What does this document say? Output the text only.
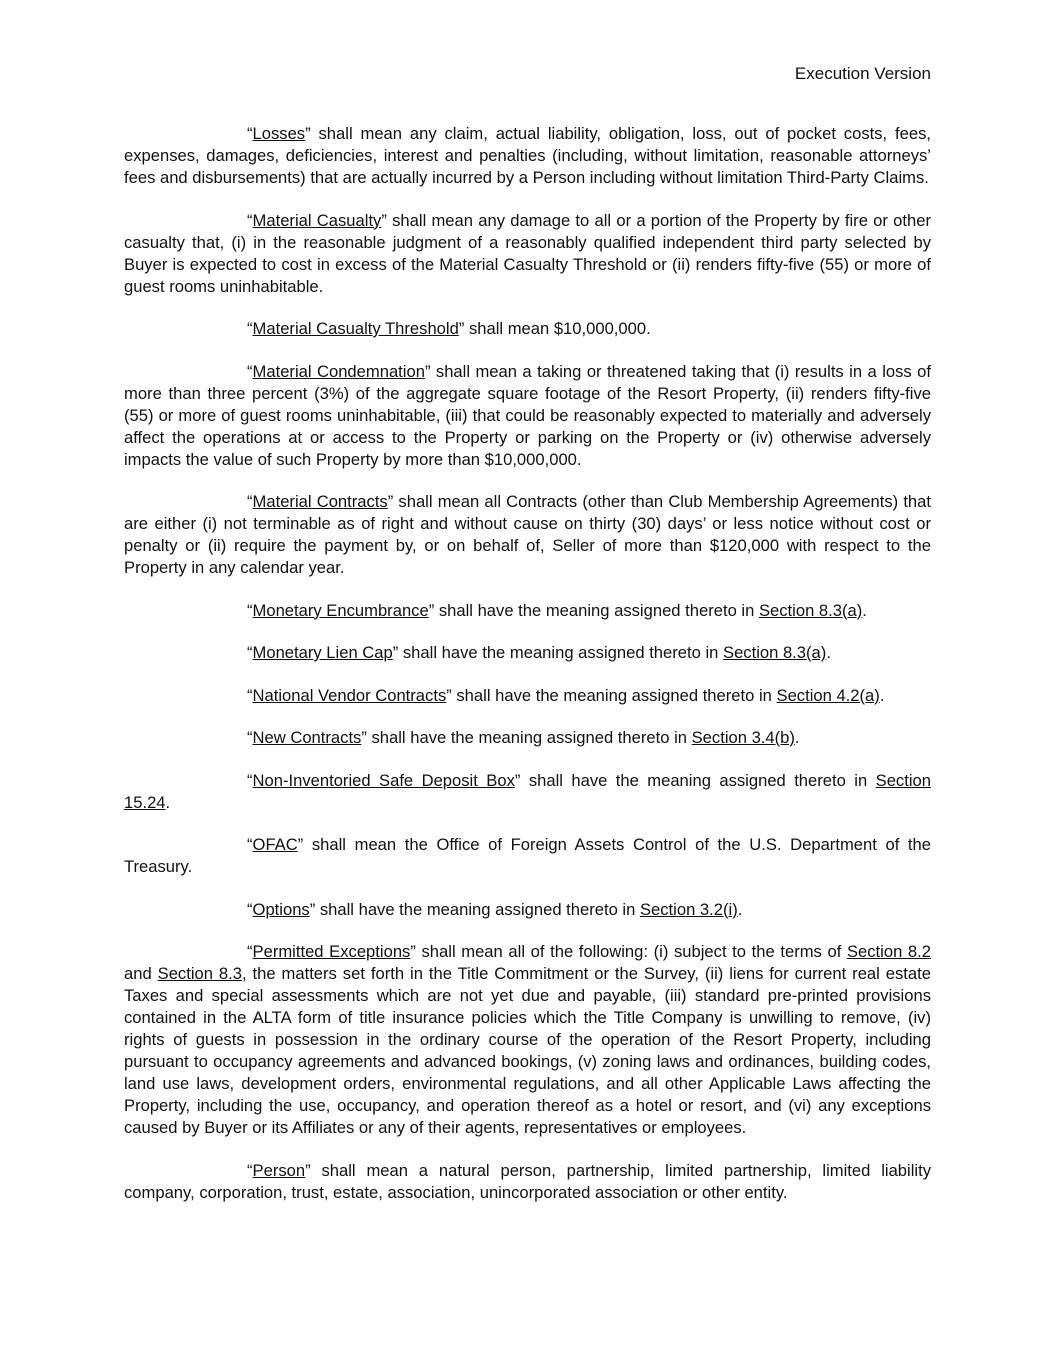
Execution Version

“Losses” shall mean any claim, actual liability, obligation, loss, out of pocket costs, fees, expenses, damages, deficiencies, interest and penalties (including, without limitation, reasonable attorneys’ fees and disbursements) that are actually incurred by a Person including without limitation Third-Party Claims.

“Material Casualty” shall mean any damage to all or a portion of the Property by fire or other casualty that, (i) in the reasonable judgment of a reasonably qualified independent third party selected by Buyer is expected to cost in excess of the Material Casualty Threshold or (ii) renders fifty-five (55) or more of guest rooms uninhabitable.

“Material Casualty Threshold” shall mean $10,000,000.

“Material Condemnation” shall mean a taking or threatened taking that (i) results in a loss of more than three percent (3%) of the aggregate square footage of the Resort Property, (ii) renders fifty-five (55) or more of guest rooms uninhabitable, (iii) that could be reasonably expected to materially and adversely affect the operations at or access to the Property or parking on the Property or (iv) otherwise adversely impacts the value of such Property by more than $10,000,000.

“Material Contracts” shall mean all Contracts (other than Club Membership Agreements) that are either (i) not terminable as of right and without cause on thirty (30) days’ or less notice without cost or penalty or (ii) require the payment by, or on behalf of, Seller of more than $120,000 with respect to the Property in any calendar year.

“Monetary Encumbrance” shall have the meaning assigned thereto in Section 8.3(a).

“Monetary Lien Cap” shall have the meaning assigned thereto in Section 8.3(a).

“National Vendor Contracts” shall have the meaning assigned thereto in Section 4.2(a).

“New Contracts” shall have the meaning assigned thereto in Section 3.4(b).

“Non-Inventoried Safe Deposit Box” shall have the meaning assigned thereto in Section 15.24.

“OFAC” shall mean the Office of Foreign Assets Control of the U.S. Department of the Treasury.

“Options” shall have the meaning assigned thereto in Section 3.2(i).

“Permitted Exceptions” shall mean all of the following: (i) subject to the terms of Section 8.2 and Section 8.3, the matters set forth in the Title Commitment or the Survey, (ii) liens for current real estate Taxes and special assessments which are not yet due and payable, (iii) standard pre-printed provisions contained in the ALTA form of title insurance policies which the Title Company is unwilling to remove, (iv) rights of guests in possession in the ordinary course of the operation of the Resort Property, including pursuant to occupancy agreements and advanced bookings, (v) zoning laws and ordinances, building codes, land use laws, development orders, environmental regulations, and all other Applicable Laws affecting the Property, including the use, occupancy, and operation thereof as a hotel or resort, and (vi) any exceptions caused by Buyer or its Affiliates or any of their agents, representatives or employees.

“Person” shall mean a natural person, partnership, limited partnership, limited liability company, corporation, trust, estate, association, unincorporated association or other entity.
